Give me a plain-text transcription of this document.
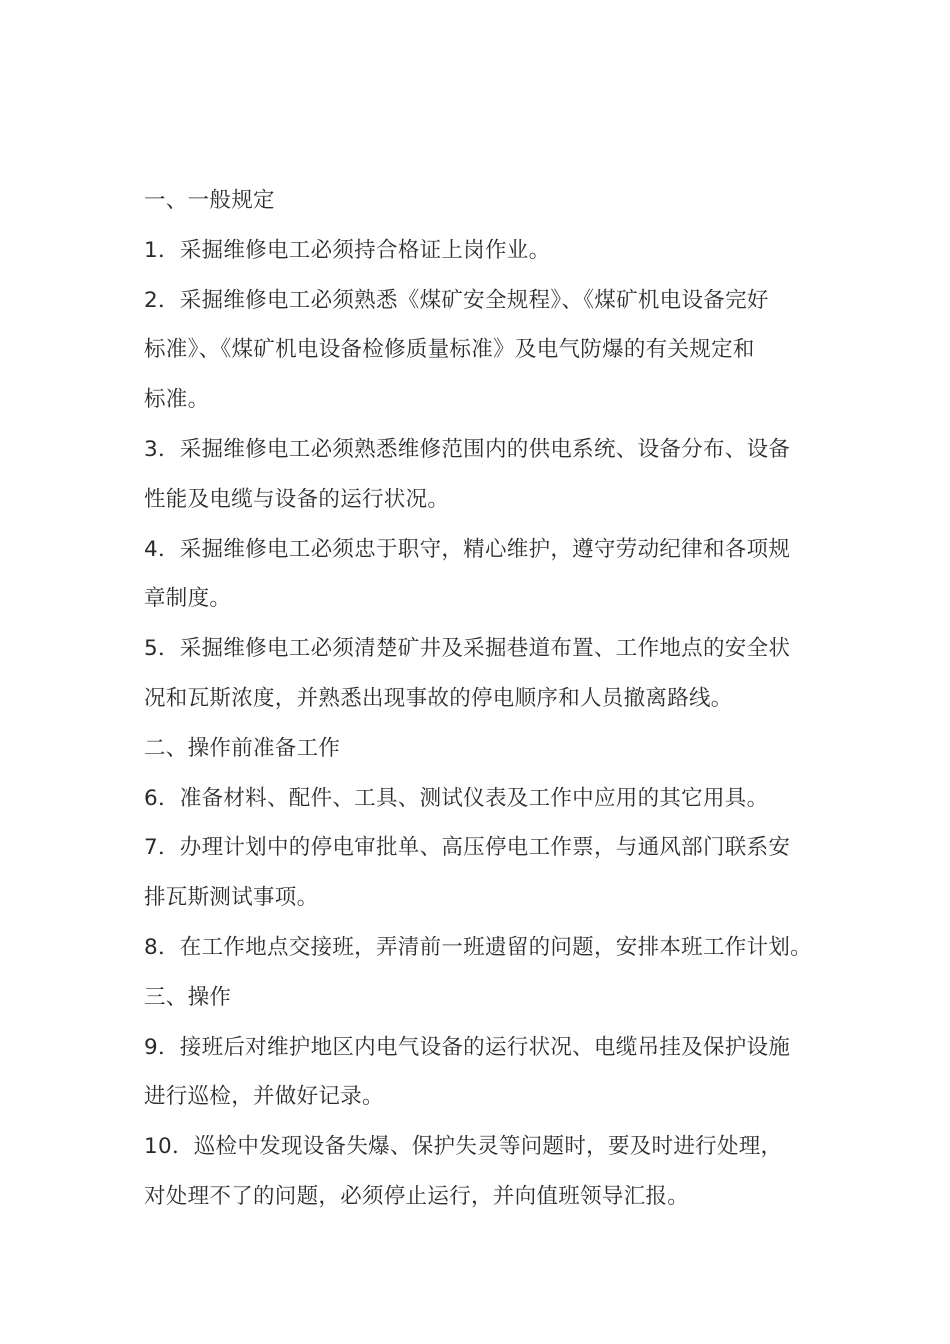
一、一般规定
1．采掘维修电工必须持合格证上岗作业。
2．采掘维修电工必须熟悉《煤矿安全规程》、《煤矿机电设备完好
标准》、《煤矿机电设备检修质量标准》及电气防爆的有关规定和
标准。
3．采掘维修电工必须熟悉维修范围内的供电系统、设备分布、设备
性能及电缆与设备的运行状况。
4．采掘维修电工必须忠于职守，精心维护，遵守劳动纪律和各项规
章制度。
5．采掘维修电工必须清楚矿井及采掘巷道布置、工作地点的安全状
况和瓦斯浓度，并熟悉出现事故的停电顺序和人员撤离路线。
二、操作前准备工作
6．准备材料、配件、工具、测试仪表及工作中应用的其它用具。
7．办理计划中的停电审批单、高压停电工作票，与通风部门联系安
排瓦斯测试事项。
8．在工作地点交接班，弄清前一班遗留的问题，安排本班工作计划。
三、操作
9．接班后对维护地区内电气设备的运行状况、电缆吊挂及保护设施
进行巡检，并做好记录。
10．巡检中发现设备失爆、保护失灵等问题时，要及时进行处理，
对处理不了的问题，必须停止运行，并向值班领导汇报。
